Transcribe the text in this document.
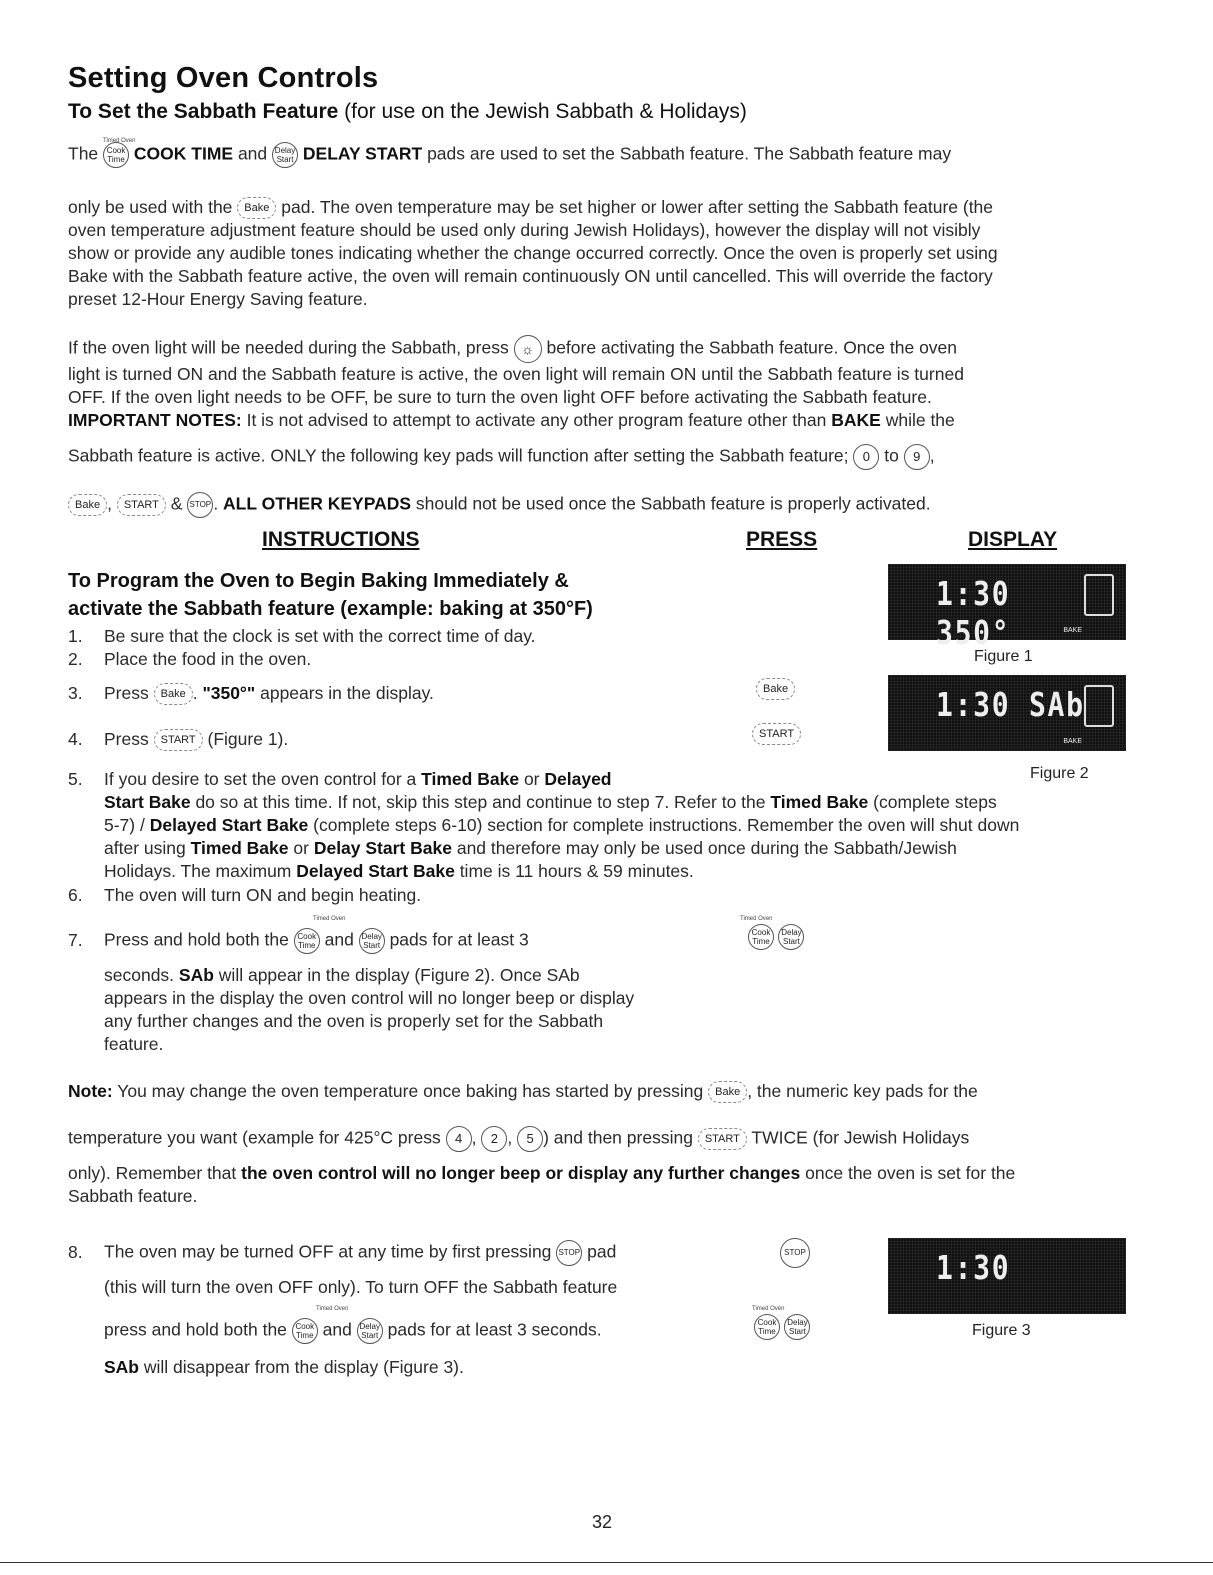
Setting Oven Controls
To Set the Sabbath Feature (for use on the Jewish Sabbath & Holidays)
The Cook
Time COOK TIME and Delay
Start DELAY START pads are used to set the Sabbath feature. The Sabbath feature may
Timed Oven
only be used with the Bake pad. The oven temperature may be set higher or lower after setting the Sabbath feature (the
oven temperature adjustment feature should be used only during Jewish Holidays), however the display will not visibly
show or provide any audible tones indicating whether the change occurred correctly. Once the oven is properly set using
Bake with the Sabbath feature active, the oven will remain continuously ON until cancelled. This will override the factory
preset 12-Hour Energy Saving feature.
If the oven light will be needed during the Sabbath, press ☼ before activating the Sabbath feature. Once the oven
light is turned ON and the Sabbath feature is active, the oven light will remain ON until the Sabbath feature is turned
OFF. If the oven light needs to be OFF, be sure to turn the oven light OFF before activating the Sabbath feature.
IMPORTANT NOTES: It is not advised to attempt to activate any other program feature other than BAKE while the
Sabbath feature is active. ONLY the following key pads will function after setting the Sabbath feature; 0 to 9 ,
Bake , START & STOP . ALL OTHER KEYPADS should not be used once the Sabbath feature is properly activated.
INSTRUCTIONS	PRESS	DISPLAY
To Program the Oven to Begin Baking Immediately &
activate the Sabbath feature (example: baking at 350°F)
1. Be sure that the clock is set with the correct time of day.
2. Place the food in the oven.
3. Press Bake . "350°" appears in the display.
4. Press START (Figure 1).
Bake
START
1:30 350°	BAKE
Figure 1
1:30 SAb
BAKE
Figure 2
5. If you desire to set the oven control for a Timed Bake or Delayed
Start Bake do so at this time. If not, skip this step and continue to step 7. Refer to the Timed Bake (complete steps
5-7) / Delayed Start Bake (complete steps 6-10) section for complete instructions. Remember the oven will shut down
after using Timed Bake or Delay Start Bake and therefore may only be used once during the Sabbath/Jewish
Holidays. The maximum Delayed Start Bake time is 11 hours & 59 minutes.
6. The oven will turn ON and begin heating.
Timed Oven
7. Press and hold both the Cook
Time and Delay
Start pads for at least 3
seconds. SAb will appear in the display (Figure 2). Once SAb
appears in the display the oven control will no longer beep or display
any further changes and the oven is properly set for the Sabbath
feature.
Timed Oven
Cook
Time Delay
Start
Note: You may change the oven temperature once baking has started by pressing Bake , the numeric key pads for the
temperature you want (example for 425°C press 4 , 2 , 5 ) and then pressing START TWICE (for Jewish Holidays
only). Remember that the oven control will no longer beep or display any further changes once the oven is set for the
Sabbath feature.
8. The oven may be turned OFF at any time by first pressing STOP pad
(this will turn the oven OFF only). To turn OFF the Sabbath feature
Timed Oven
press and hold both the Cook
Time and Delay
Start pads for at least 3 seconds.
SAb will disappear from the display (Figure 3).
STOP
Timed Oven
Cook
Time Delay
Start
1:30
Figure 3
32
